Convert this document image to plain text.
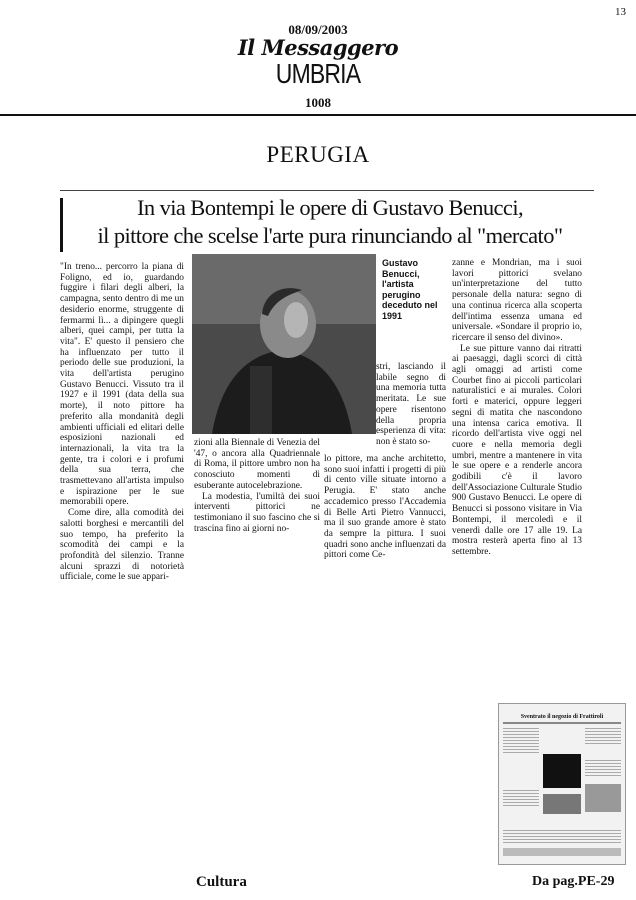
13
08/09/2003
Il Messaggero
UMBRIA
1008
PERUGIA
In via Bontempi le opere di Gustavo Benucci,
il pittore che scelse l'arte pura rinunciando al "mercato"

"In treno... percorro la piana di Foligno, ed io, guardando fuggire i filari degli alberi, la campagna, sento dentro di me un desiderio enorme, struggente di fermarmi lì... a dipingere quegli alberi, quei campi, per tutta la vita". E' questo il pensiero che ha influenzato per tutto il periodo delle sue produzioni, la vita dell'artista perugino Gustavo Benucci. Vissuto tra il 1927 e il 1991 (data della sua morte), il noto pittore ha preferito alla mondanità degli ambienti ufficiali ed elitari delle esposizioni nazionali ed internazionali, la vita tra la gente, tra i colori e i profumi della sua terra, che trasmettevano all'artista impulso e ispirazione per le sue memorabili opere.

Come dire, alla comodità dei salotti borghesi e mercantili del suo tempo, ha preferito la scomodità dei campi e la profondità del silenzio. Tranne alcuni sprazzi di notorietà ufficiale, come le sue appari-

Gustavo Benucci, l'artista perugino deceduto nel 1991
stri, lasciando il labile segno di una memoria tutta meritata. Le sue opere risentono della propria esperienza di vita: non è stato so-

zioni alla Biennale di Venezia del '47, o ancora alla Quadriennale di Roma, il pittore umbro non ha conosciuto momenti di esuberante autocelebrazione.

La modestia, l'umiltà dei suoi interventi pittorici ne testimoniano il suo fascino che si trascina fino ai giorni no-

lo pittore, ma anche architetto, sono suoi infatti i progetti di più di cento ville situate intorno a Perugia. E' stato anche accademico presso l'Accademia di Belle Arti Pietro Vannucci, ma il suo grande amore è stato da sempre la pittura. I suoi quadri sono anche influenzati da pittori come Ce-

zanne e Mondrian, ma i suoi lavori pittorici svelano un'interpretazione del tutto personale della natura: segno di una continua ricerca alla scoperta dell'intima essenza umana ed universale. «Sondare il proprio io, ricercare il senso del divino».

Le sue pitture vanno dai ritratti ai paesaggi, dagli scorci di città agli omaggi ad artisti come Courbet fino ai piccoli particolari naturalistici e ai murales. Colori forti e materici, oppure leggeri segni di matita che nascondono una intensa carica emotiva. Il ricordo dell'artista vive oggi nel cuore e nella memoria degli umbri, mentre a mantenere in vita le sue opere e a renderle ancora godibili c'è il lavoro dell'Associazione Culturale Studio 900 Gustavo Benucci. Le opere di Benucci si possono visitare in Via Bontempi, il mercoledì e il venerdì dalle ore 17 alle 19. La mostra resterà aperta fino al 13 settembre.

Sventrato il negozio di Frattiroli
Cultura	Da pag.PE-29
